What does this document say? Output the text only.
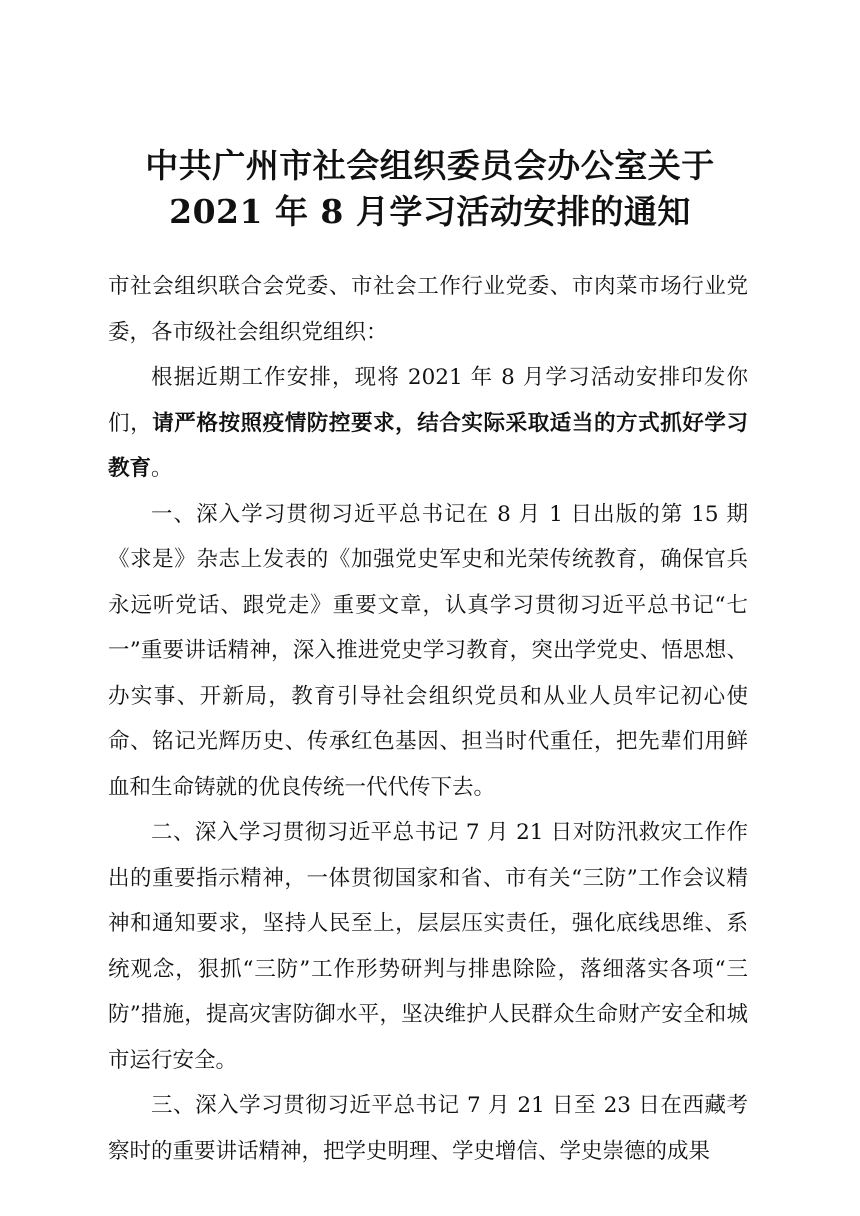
中共广州市社会组织委员会办公室关于
2021 年 8 月学习活动安排的通知

市社会组织联合会党委、市社会工作行业党委、市肉菜市场行业党委，各市级社会组织党组织：

根据近期工作安排，现将 2021 年 8 月学习活动安排印发你们，请严格按照疫情防控要求，结合实际采取适当的方式抓好学习教育。

一、深入学习贯彻习近平总书记在 8 月 1 日出版的第 15 期《求是》杂志上发表的《加强党史军史和光荣传统教育，确保官兵永远听党话、跟党走》重要文章，认真学习贯彻习近平总书记“七一”重要讲话精神，深入推进党史学习教育，突出学党史、悟思想、办实事、开新局，教育引导社会组织党员和从业人员牢记初心使命、铭记光辉历史、传承红色基因、担当时代重任，把先辈们用鲜血和生命铸就的优良传统一代代传下去。

二、深入学习贯彻习近平总书记 7 月 21 日对防汛救灾工作作出的重要指示精神，一体贯彻国家和省、市有关“三防”工作会议精神和通知要求，坚持人民至上，层层压实责任，强化底线思维、系统观念，狠抓“三防”工作形势研判与排患除险，落细落实各项“三防”措施，提高灾害防御水平，坚决维护人民群众生命财产安全和城市运行安全。

三、深入学习贯彻习近平总书记 7 月 21 日至 23 日在西藏考察时的重要讲话精神，把学史明理、学史增信、学史崇德的成果
